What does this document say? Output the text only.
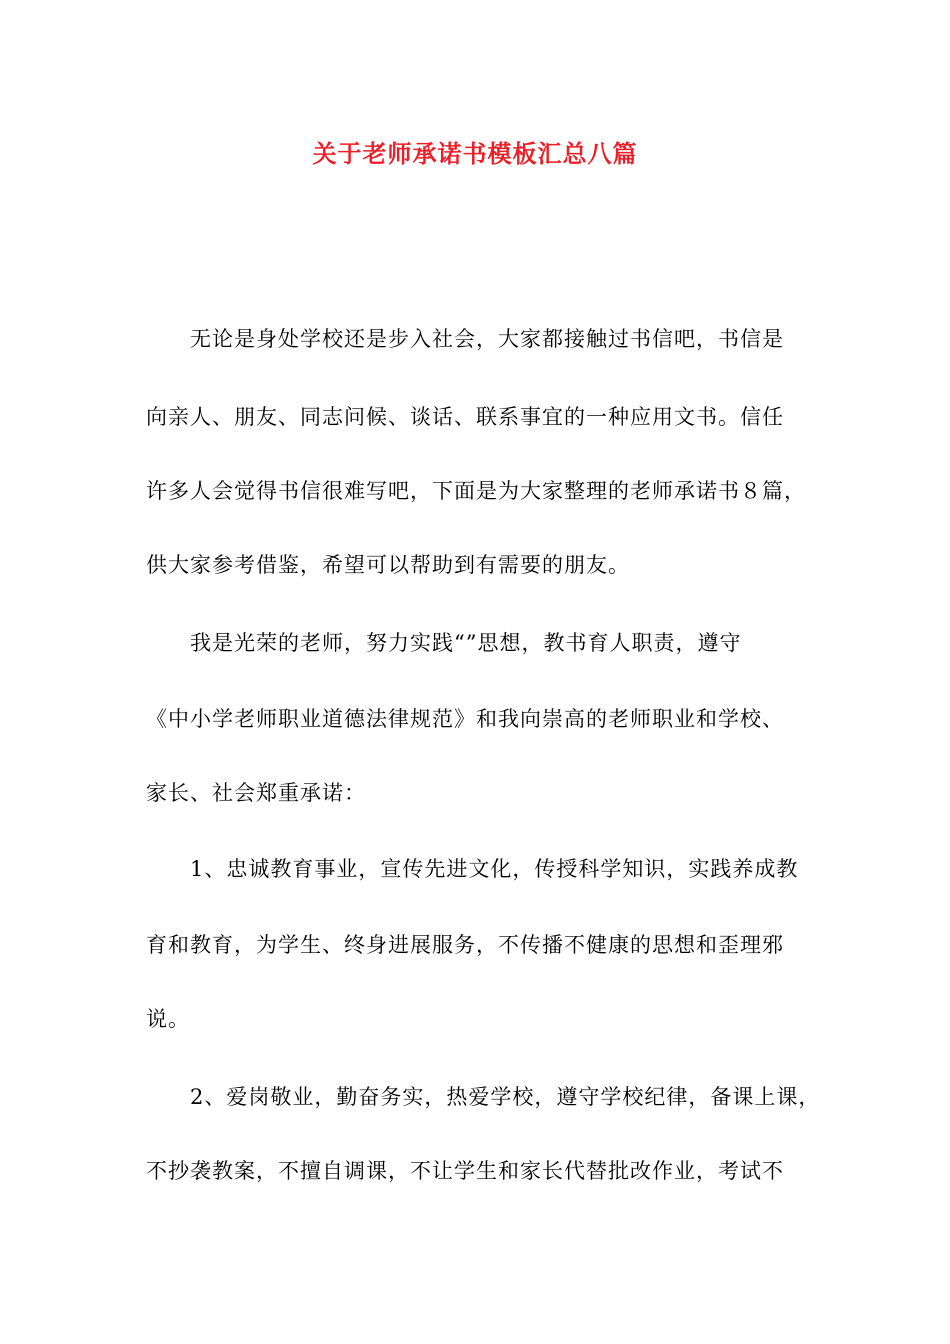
关于老师承诺书模板汇总八篇
无论是身处学校还是步入社会，大家都接触过书信吧，书信是
向亲人、朋友、同志问候、谈话、联系事宜的一种应用文书。信任
许多人会觉得书信很难写吧，下面是为大家整理的老师承诺书８篇，
供大家参考借鉴，希望可以帮助到有需要的朋友。
我是光荣的老师，努力实践“”思想，教书育人职责，遵守
《中小学老师职业道德法律规范》和我向崇高的老师职业和学校、
家长、社会郑重承诺：
1、忠诚教育事业，宣传先进文化，传授科学知识，实践养成教
育和教育，为学生、终身进展服务，不传播不健康的思想和歪理邪
说。
2、爱岗敬业，勤奋务实，热爱学校，遵守学校纪律，备课上课，
不抄袭教案，不擅自调课，不让学生和家长代替批改作业，考试不
